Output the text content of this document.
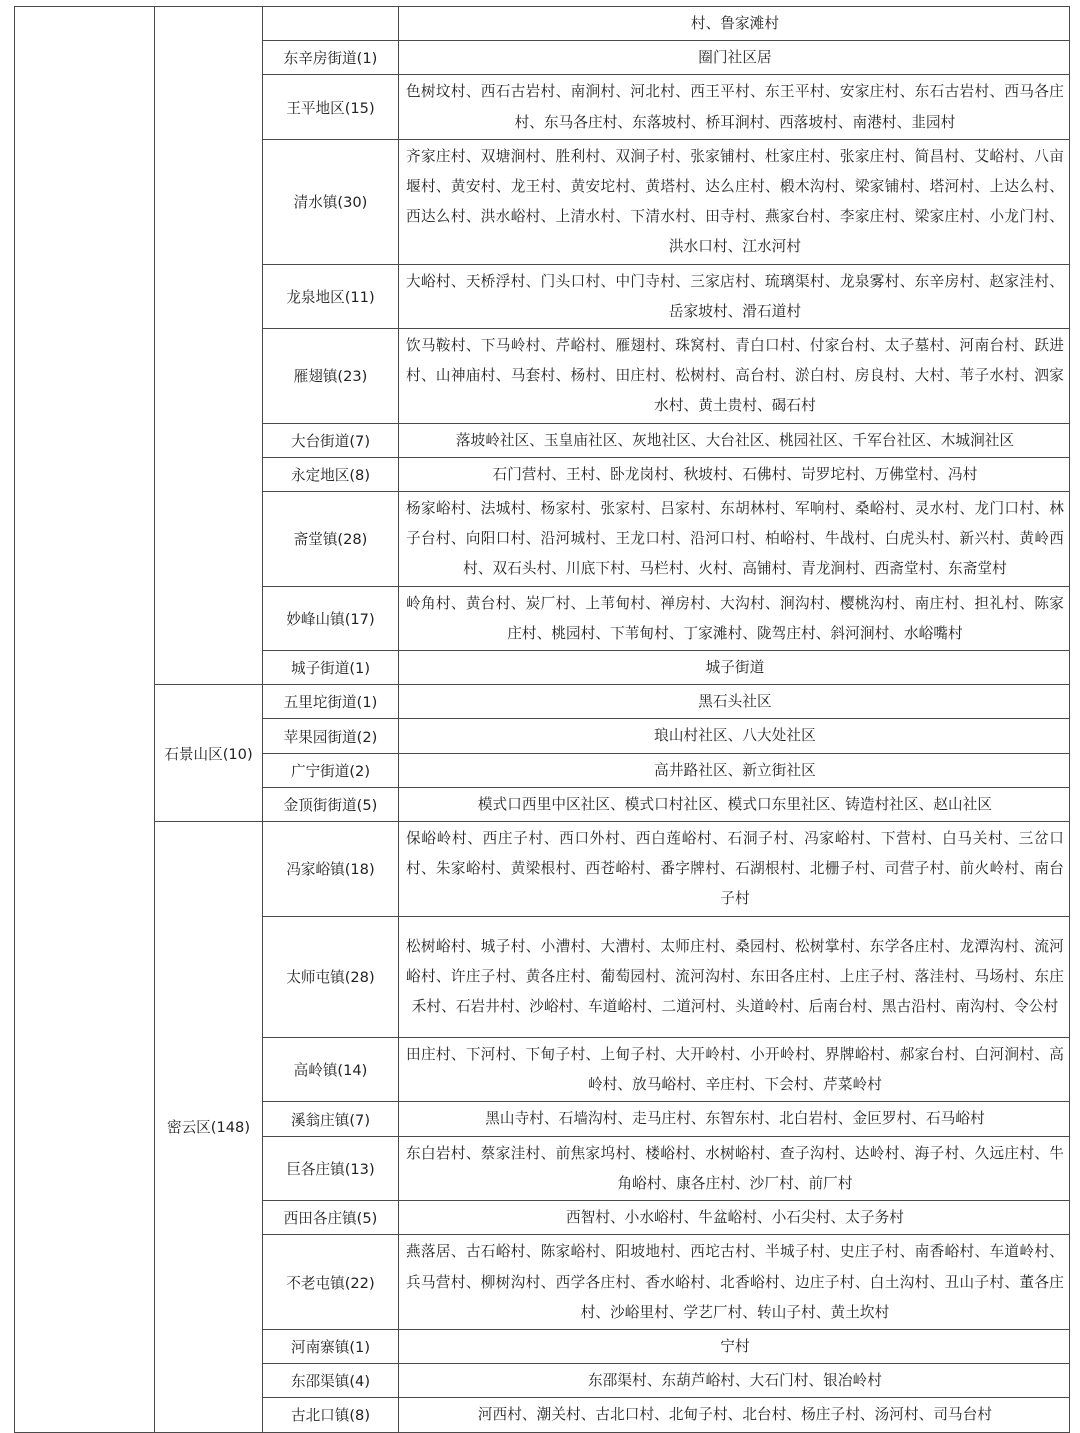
			村、鲁家滩村
		东辛房街道(1)	圈门社区居
		王平地区(15)	色树坟村、西石古岩村、南涧村、河北村、西王平村、东王平村、安家庄村、东石古岩村、西马各庄村、东马各庄村、东落坡村、桥耳涧村、西落坡村、南港村、韭园村
		清水镇(30)	齐家庄村、双塘涧村、胜利村、双涧子村、张家铺村、杜家庄村、张家庄村、简昌村、艾峪村、八亩堰村、黄安村、龙王村、黄安坨村、黄塔村、达么庄村、椴木沟村、梁家铺村、塔河村、上达么村、西达么村、洪水峪村、上清水村、下清水村、田寺村、燕家台村、李家庄村、梁家庄村、小龙门村、洪水口村、江水河村
		龙泉地区(11)	大峪村、天桥浮村、门头口村、中门寺村、三家店村、琉璃渠村、龙泉雾村、东辛房村、赵家洼村、岳家坡村、滑石道村
		雁翅镇(23)	饮马鞍村、下马岭村、芹峪村、雁翅村、珠窝村、青白口村、付家台村、太子墓村、河南台村、跃进村、山神庙村、马套村、杨村、田庄村、松树村、高台村、淤白村、房良村、大村、苇子水村、泗家水村、黄土贵村、碣石村
		大台街道(7)	落坡岭社区、玉皇庙社区、灰地社区、大台社区、桃园社区、千军台社区、木城涧社区
		永定地区(8)	石门营村、王村、卧龙岗村、秋坡村、石佛村、岢罗坨村、万佛堂村、冯村
		斋堂镇(28)	杨家峪村、法城村、杨家村、张家村、吕家村、东胡林村、军响村、桑峪村、灵水村、龙门口村、林子台村、向阳口村、沿河城村、王龙口村、沿河口村、柏峪村、牛战村、白虎头村、新兴村、黄岭西村、双石头村、川底下村、马栏村、火村、高铺村、青龙涧村、西斋堂村、东斋堂村
		妙峰山镇(17)	岭角村、黄台村、炭厂村、上苇甸村、禅房村、大沟村、涧沟村、樱桃沟村、南庄村、担礼村、陈家庄村、桃园村、下苇甸村、丁家滩村、陇驾庄村、斜河涧村、水峪嘴村
		城子街道(1)	城子街道
	石景山区(10)	五里坨街道(1)	黑石头社区
		苹果园街道(2)	琅山村社区、八大处社区
		广宁街道(2)	高井路社区、新立街社区
		金顶街街道(5)	模式口西里中区社区、模式口村社区、模式口东里社区、铸造村社区、赵山社区
	密云区(148)	冯家峪镇(18)	保峪岭村、西庄子村、西口外村、西白莲峪村、石洞子村、冯家峪村、下营村、白马关村、三岔口村、朱家峪村、黄梁根村、西苍峪村、番字牌村、石湖根村、北栅子村、司营子村、前火岭村、南台子村
		太师屯镇(28)	松树峪村、城子村、小漕村、大漕村、太师庄村、桑园村、松树掌村、东学各庄村、龙潭沟村、流河峪村、许庄子村、黄各庄村、葡萄园村、流河沟村、东田各庄村、上庄子村、落洼村、马场村、东庄禾村、石岩井村、沙峪村、车道峪村、二道河村、头道岭村、后南台村、黑古沿村、南沟村、令公村
		高岭镇(14)	田庄村、下河村、下甸子村、上甸子村、大开岭村、小开岭村、界牌峪村、郝家台村、白河涧村、高岭村、放马峪村、辛庄村、下会村、芹菜岭村
		溪翁庄镇(7)	黑山寺村、石墙沟村、走马庄村、东智东村、北白岩村、金叵罗村、石马峪村
		巨各庄镇(13)	东白岩村、蔡家洼村、前焦家坞村、楼峪村、水树峪村、查子沟村、达岭村、海子村、久远庄村、牛角峪村、康各庄村、沙厂村、前厂村
		西田各庄镇(5)	西智村、小水峪村、牛盆峪村、小石尖村、太子务村
		不老屯镇(22)	燕落居、古石峪村、陈家峪村、阳坡地村、西坨古村、半城子村、史庄子村、南香峪村、车道岭村、兵马营村、柳树沟村、西学各庄村、香水峪村、北香峪村、边庄子村、白土沟村、丑山子村、董各庄村、沙峪里村、学艺厂村、转山子村、黄土坎村
		河南寨镇(1)	宁村
		东邵渠镇(4)	东邵渠村、东葫芦峪村、大石门村、银冶岭村
		古北口镇(8)	河西村、潮关村、古北口村、北甸子村、北台村、杨庄子村、汤河村、司马台村
